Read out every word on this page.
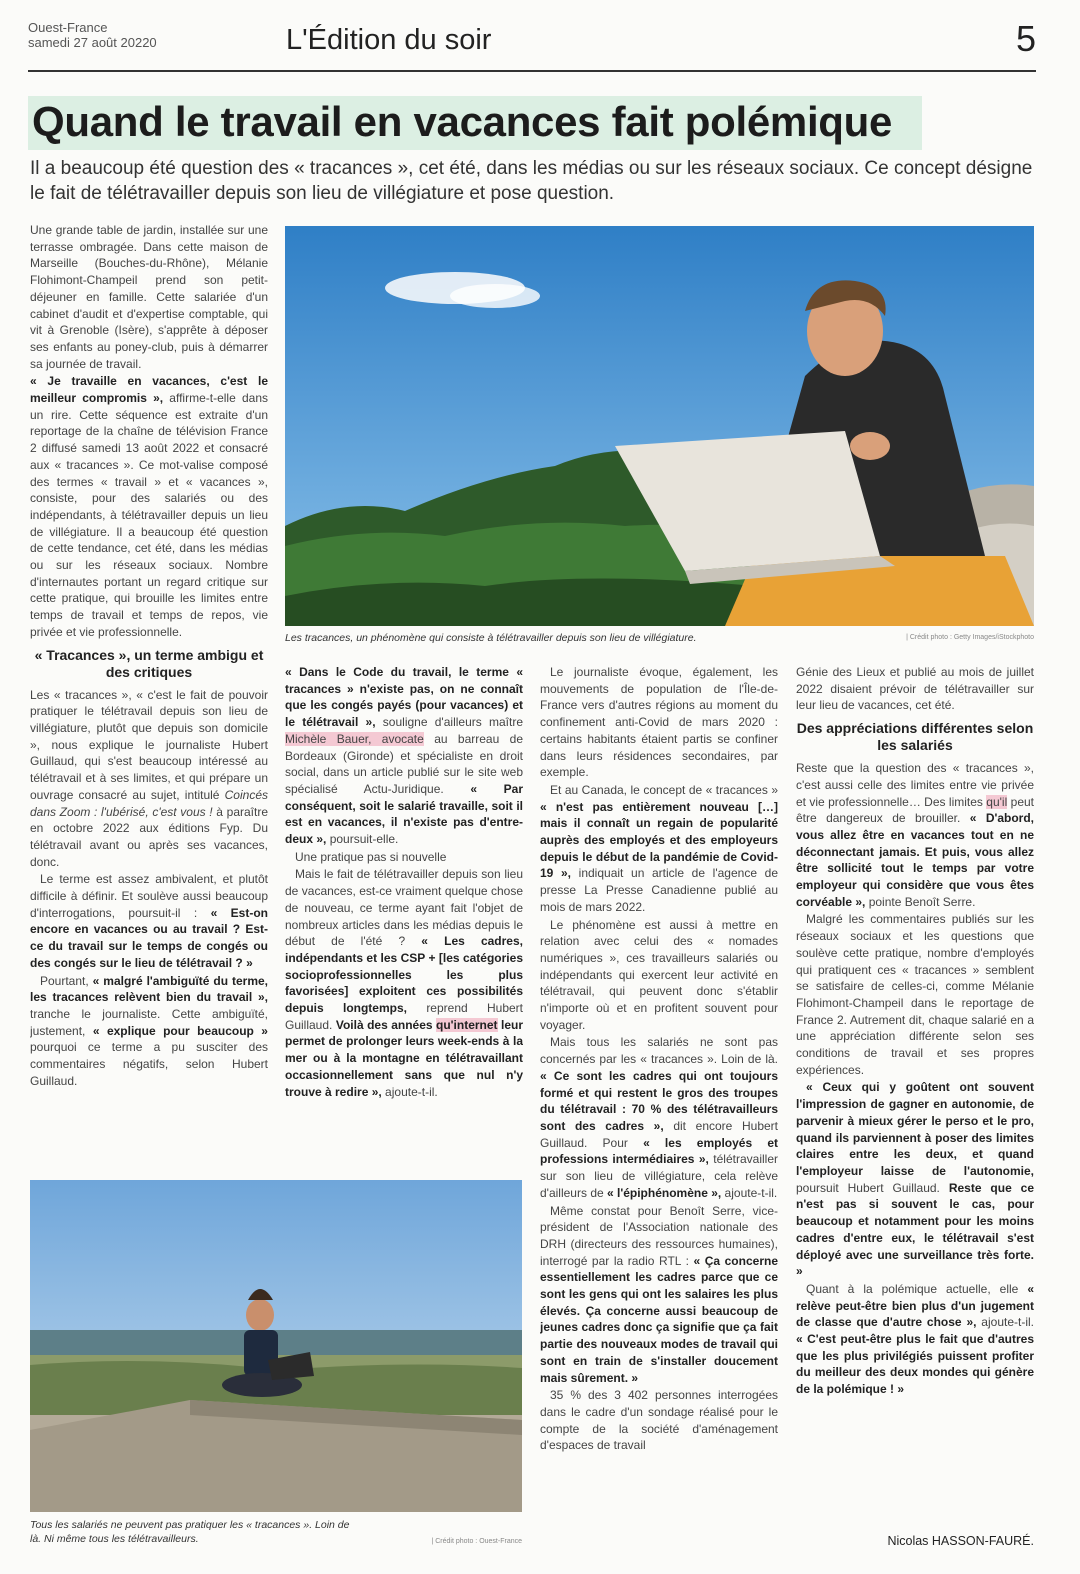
Ouest-France
samedi 27 août 20220	L'Édition du soir	5
Quand le travail en vacances fait polémique

Il a beaucoup été question des « tracances », cet été, dans les médias ou sur les réseaux sociaux. Ce concept désigne le fait de télétravailler depuis son lieu de villégiature et pose question.

Une grande table de jardin, installée sur une terrasse ombragée. Dans cette maison de Marseille (Bouches-du-Rhône), Mélanie Flohimont-Champeil prend son petit-déjeuner en famille. Cette salariée d'un cabinet d'audit et d'expertise comptable, qui vit à Grenoble (Isère), s'apprête à déposer ses enfants au poney-club, puis à démarrer sa journée de travail.

« Je travaille en vacances, c'est le meilleur compromis », affirme-t-elle dans un rire. Cette séquence est extraite d'un reportage de la chaîne de télévision France 2 diffusé samedi 13 août 2022 et consacré aux « tracances ». Ce mot-valise composé des termes « travail » et « vacances », consiste, pour des salariés ou des indépendants, à télétravailler depuis un lieu de villégiature. Il a beaucoup été question de cette tendance, cet été, dans les médias ou sur les réseaux sociaux. Nombre d'internautes portant un regard critique sur cette pratique, qui brouille les limites entre temps de travail et temps de repos, vie privée et vie professionnelle.

« Tracances », un terme ambigu et des critiques

Les « tracances », « c'est le fait de pouvoir pratiquer le télétravail depuis son lieu de villégiature, plutôt que depuis son domicile », nous explique le journaliste Hubert Guillaud, qui s'est beaucoup intéressé au télétravail et à ses limites, et qui prépare un ouvrage consacré au sujet, intitulé Coincés dans Zoom : l'ubérisé, c'est vous ! à paraître en octobre 2022 aux éditions Fyp. Du télétravail avant ou après ses vacances, donc.

Le terme est assez ambivalent, et plutôt difficile à définir. Et soulève aussi beaucoup d'interrogations, poursuit-il : « Est-on encore en vacances ou au travail ? Est-ce du travail sur le temps de congés ou des congés sur le lieu de télétravail ? »

Pourtant, « malgré l'ambiguïté du terme, les tracances relèvent bien du travail », tranche le journaliste. Cette ambiguïté, justement, « explique pour beaucoup » pourquoi ce terme a pu susciter des commentaires négatifs, selon Hubert Guillaud.

Les tracances, un phénomène qui consiste à télétravailler depuis son lieu de villégiature.	| Crédit photo : Getty Images/iStockphoto

« Dans le Code du travail, le terme « tracances » n'existe pas, on ne connaît que les congés payés (pour vacances) et le télétravail », souligne d'ailleurs maître Michèle Bauer, avocate au barreau de Bordeaux (Gironde) et spécialiste en droit social, dans un article publié sur le site web spécialisé Actu-Juridique. « Par conséquent, soit le salarié travaille, soit il est en vacances, il n'existe pas d'entre-deux », poursuit-elle.

Une pratique pas si nouvelle

Mais le fait de télétravailler depuis son lieu de vacances, est-ce vraiment quelque chose de nouveau, ce terme ayant fait l'objet de nombreux articles dans les médias depuis le début de l'été ? « Les cadres, indépendants et les CSP + [les catégories socioprofessionnelles les plus favorisées] exploitent ces possibilités depuis longtemps, reprend Hubert Guillaud. Voilà des années qu'internet leur permet de prolonger leurs week-ends à la mer ou à la montagne en télétravaillant occasionnellement sans que nul n'y trouve à redire », ajoute-t-il.

Tous les salariés ne peuvent pas pratiquer les « tracances ». Loin de là. Ni même tous les télétravailleurs.	| Crédit photo : Ouest-France

Le journaliste évoque, également, les mouvements de population de l'Île-de-France vers d'autres régions au moment du confinement anti-Covid de mars 2020 : certains habitants étaient partis se confiner dans leurs résidences secondaires, par exemple.

Et au Canada, le concept de « tracances » « n'est pas entièrement nouveau […] mais il connaît un regain de popularité auprès des employés et des employeurs depuis le début de la pandémie de Covid-19 », indiquait un article de l'agence de presse La Presse Canadienne publié au mois de mars 2022.

Le phénomène est aussi à mettre en relation avec celui des « nomades numériques », ces travailleurs salariés ou indépendants qui exercent leur activité en télétravail, qui peuvent donc s'établir n'importe où et en profitent souvent pour voyager.

Mais tous les salariés ne sont pas concernés par les « tracances ». Loin de là. « Ce sont les cadres qui ont toujours formé et qui restent le gros des troupes du télétravail : 70 % des télétravailleurs sont des cadres », dit encore Hubert Guillaud. Pour « les employés et professions intermédiaires », télétravailler sur son lieu de villégiature, cela relève d'ailleurs de « l'épiphénomène », ajoute-t-il.

Même constat pour Benoît Serre, vice-président de l'Association nationale des DRH (directeurs des ressources humaines), interrogé par la radio RTL : « Ça concerne essentiellement les cadres parce que ce sont les gens qui ont les salaires les plus élevés. Ça concerne aussi beaucoup de jeunes cadres donc ça signifie que ça fait partie des nouveaux modes de travail qui sont en train de s'installer doucement mais sûrement. »

35 % des 3 402 personnes interrogées dans le cadre d'un sondage réalisé pour le compte de la société d'aménagement d'espaces de travail

Génie des Lieux et publié au mois de juillet 2022 disaient prévoir de télétravailler sur leur lieu de vacances, cet été.

Des appréciations différentes selon les salariés

Reste que la question des « tracances », c'est aussi celle des limites entre vie privée et vie professionnelle… Des limites qu'il peut être dangereux de brouiller. « D'abord, vous allez être en vacances tout en ne déconnectant jamais. Et puis, vous allez être sollicité tout le temps par votre employeur qui considère que vous êtes corvéable », pointe Benoît Serre.

Malgré les commentaires publiés sur les réseaux sociaux et les questions que soulève cette pratique, nombre d'employés qui pratiquent ces « tracances » semblent se satisfaire de celles-ci, comme Mélanie Flohimont-Champeil dans le reportage de France 2. Autrement dit, chaque salarié en a une appréciation différente selon ses conditions de travail et ses propres expériences.

« Ceux qui y goûtent ont souvent l'impression de gagner en autonomie, de parvenir à mieux gérer le perso et le pro, quand ils parviennent à poser des limites claires entre les deux, et quand l'employeur laisse de l'autonomie, poursuit Hubert Guillaud. Reste que ce n'est pas si souvent le cas, pour beaucoup et notamment pour les moins cadres d'entre eux, le télétravail s'est déployé avec une surveillance très forte. »

Quant à la polémique actuelle, elle « relève peut-être bien plus d'un jugement de classe que d'autre chose », ajoute-t-il. « C'est peut-être plus le fait que d'autres que les plus privilégiés puissent profiter du meilleur des deux mondes qui génère de la polémique ! »

Nicolas HASSON-FAURÉ.
